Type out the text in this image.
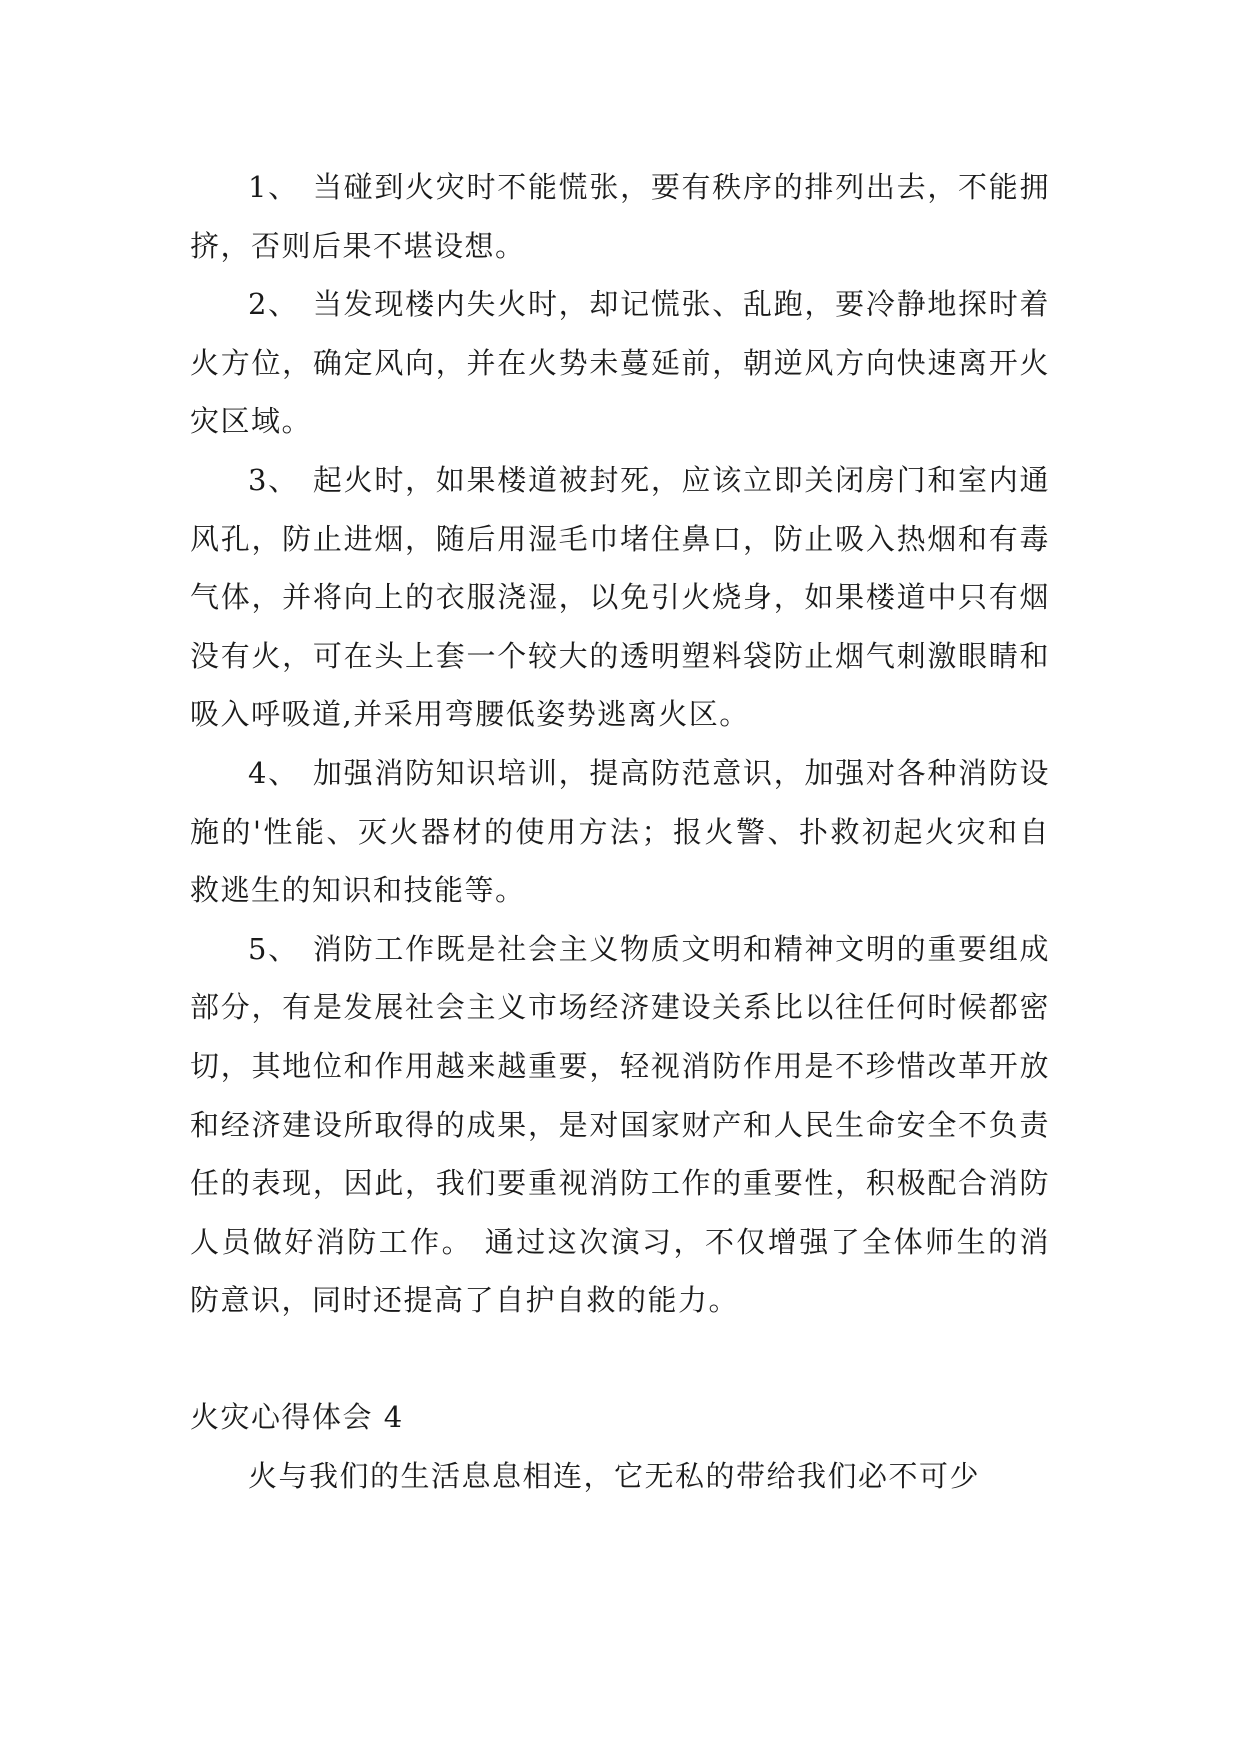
1、 当碰到火灾时不能慌张，要有秩序的排列出去，不能拥挤，否则后果不堪设想。

2、 当发现楼内失火时，却记慌张、乱跑，要冷静地探时着火方位，确定风向，并在火势未蔓延前，朝逆风方向快速离开火灾区域。

3、 起火时，如果楼道被封死，应该立即关闭房门和室内通风孔，防止进烟，随后用湿毛巾堵住鼻口，防止吸入热烟和有毒气体，并将向上的衣服浇湿，以免引火烧身，如果楼道中只有烟没有火，可在头上套一个较大的透明塑料袋防止烟气刺激眼睛和吸入呼吸道,并采用弯腰低姿势逃离火区。

4、 加强消防知识培训，提高防范意识，加强对各种消防设施的'性能、灭火器材的使用方法；报火警、扑救初起火灾和自救逃生的知识和技能等。

5、 消防工作既是社会主义物质文明和精神文明的重要组成部分，有是发展社会主义市场经济建设关系比以往任何时候都密切，其地位和作用越来越重要，轻视消防作用是不珍惜改革开放和经济建设所取得的成果，是对国家财产和人民生命安全不负责任的表现，因此，我们要重视消防工作的重要性，积极配合消防人员做好消防工作。 通过这次演习，不仅增强了全体师生的消防意识，同时还提高了自护自救的能力。

火灾心得体会 4

火与我们的生活息息相连，它无私的带给我们必不可少
